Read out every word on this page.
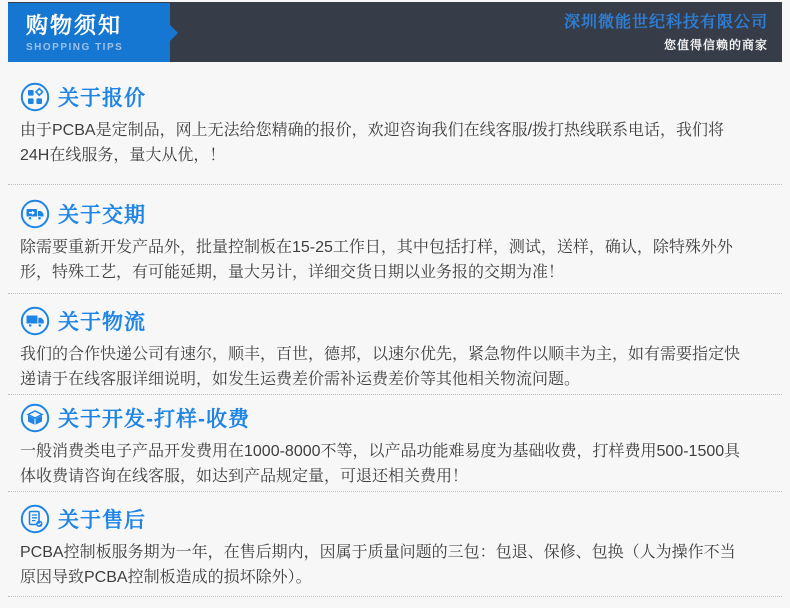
购物须知
SHOPPING TIPS
深圳微能世纪科技有限公司
您值得信赖的商家
关于报价
由于PCBA是定制品，网上无法给您精确的报价，欢迎咨询我们在线客服/拨打热线联系电话，我们将24H在线服务，量大从优，！
关于交期
除需要重新开发产品外，批量控制板在15-25工作日，其中包括打样，测试，送样，确认，除特殊外外形，特殊工艺，有可能延期，量大另计，详细交货日期以业务报的交期为准！
关于物流
我们的合作快递公司有速尔，顺丰，百世，德邦，以速尔优先，紧急物件以顺丰为主，如有需要指定快递请于在线客服详细说明，如发生运费差价需补运费差价等其他相关物流问题。
关于开发-打样-收费
一般消费类电子产品开发费用在1000-8000不等，以产品功能难易度为基础收费，打样费用500-1500具体收费请咨询在线客服，如达到产品规定量，可退还相关费用！
关于售后
PCBA控制板服务期为一年，在售后期内，因属于质量问题的三包：包退、保修、包换（人为操作不当原因导致PCBA控制板造成的损坏除外）。
